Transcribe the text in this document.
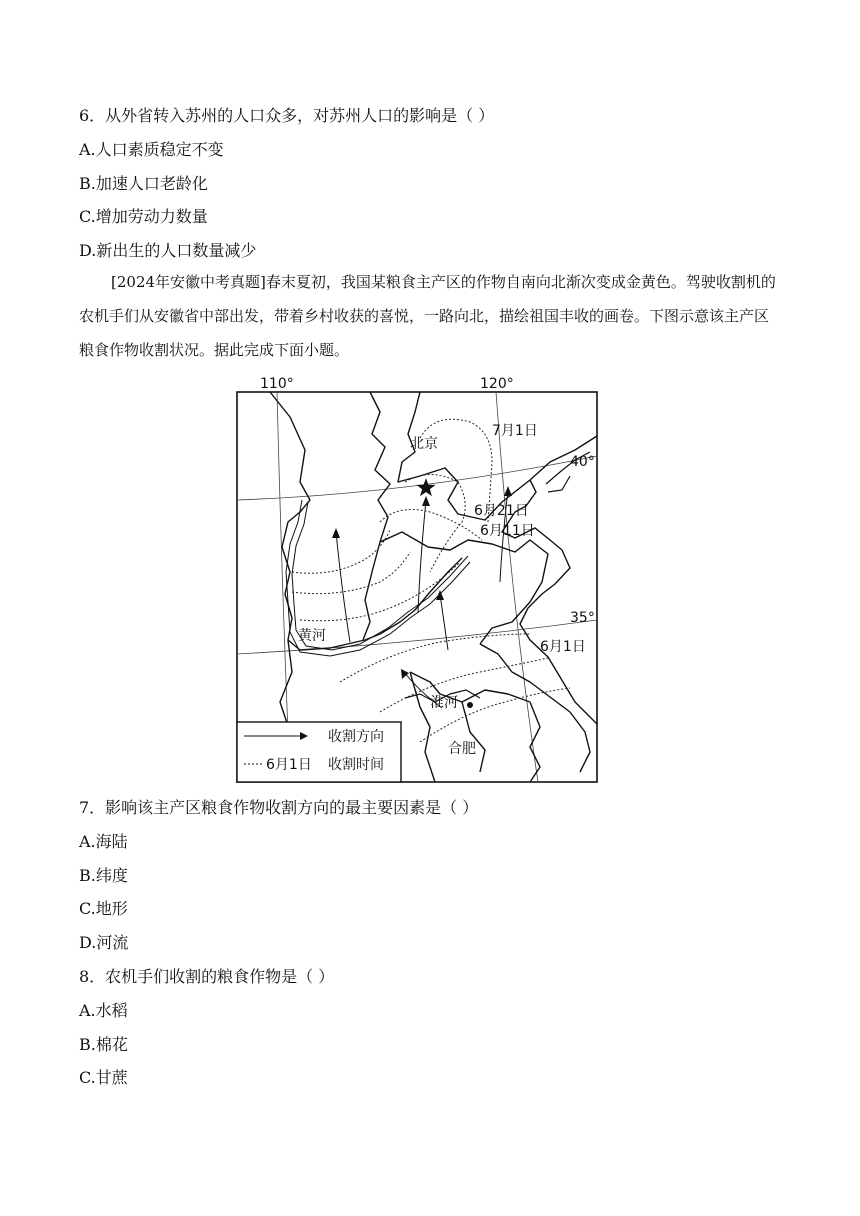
6．从外省转入苏州的人口众多，对苏州人口的影响是（ ）
A.人口素质稳定不变
B.加速人口老龄化
C.增加劳动力数量
D.新出生的人口数量减少
[2024年安徽中考真题]春末夏初，我国某粮食主产区的作物自南向北渐次变成金黄色。驾驶收割机的农机手们从安徽省中部出发，带着乡村收获的喜悦，一路向北，描绘祖国丰收的画卷。下图示意该主产区粮食作物收割状况。据此完成下面小题。
110°	120°
40°
35°
北京
黄河
淮河
合肥
7月1日
6月21日
6月11日
6月1日
收割方向
6月1日 收割时间
7．影响该主产区粮食作物收割方向的最主要因素是（ ）
A.海陆
B.纬度
C.地形
D.河流
8．农机手们收割的粮食作物是（ ）
A.水稻
B.棉花
C.甘蔗
